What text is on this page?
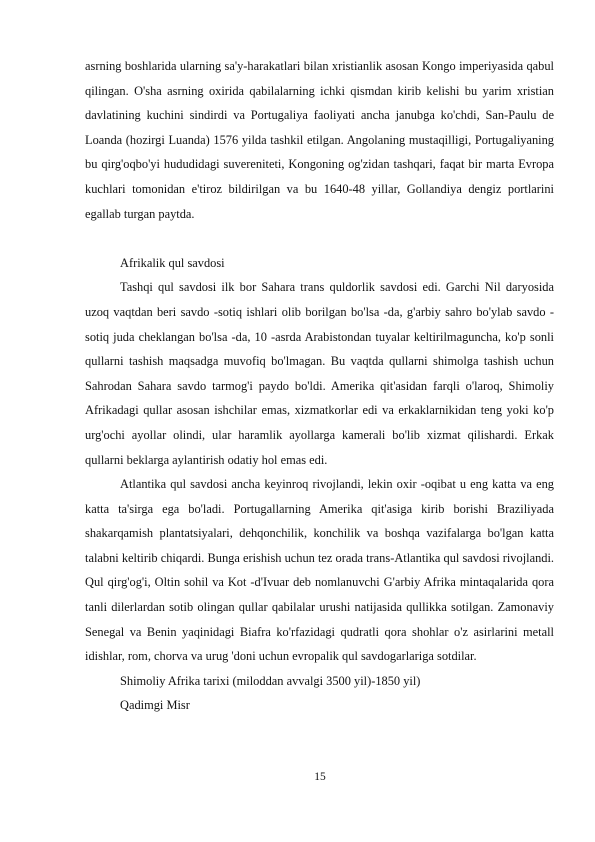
asrning boshlarida ularning sa'y-harakatlari bilan xristianlik asosan Kongo imperiyasida qabul qilingan. O'sha asrning oxirida qabilalarning ichki qismdan kirib kelishi bu yarim xristian davlatining kuchini sindirdi va Portugaliya faoliyati ancha janubga ko'chdi, San-Paulu de Loanda (hozirgi Luanda) 1576 yilda tashkil etilgan. Angolaning mustaqilligi, Portugaliyaning bu qirg'oqbo'yi hududidagi suvereniteti, Kongoning og'zidan tashqari, faqat bir marta Evropa kuchlari tomonidan e'tiroz bildirilgan va bu 1640-48 yillar, Gollandiya dengiz portlarini egallab turgan paytda.

Afrikalik qul savdosi

Tashqi qul savdosi ilk bor Sahara trans quldorlik savdosi edi. Garchi Nil daryosida uzoq vaqtdan beri savdo -sotiq ishlari olib borilgan bo'lsa -da, g'arbiy sahro bo'ylab savdo -sotiq juda cheklangan bo'lsa -da, 10 -asrda Arabistondan tuyalar keltirilmaguncha, ko'p sonli qullarni tashish maqsadga muvofiq bo'lmagan. Bu vaqtda qullarni shimolga tashish uchun Sahrodan Sahara savdo tarmog'i paydo bo'ldi. Amerika qit'asidan farqli o'laroq, Shimoliy Afrikadagi qullar asosan ishchilar emas, xizmatkorlar edi va erkaklarnikidan teng yoki ko'p urg'ochi ayollar olindi, ular haramlik ayollarga kamerali bo'lib xizmat qilishardi. Erkak qullarni beklarga aylantirish odatiy hol emas edi.

Atlantika qul savdosi ancha keyinroq rivojlandi, lekin oxir -oqibat u eng katta va eng katta ta'sirga ega bo'ladi. Portugallarning Amerika qit'asiga kirib borishi Braziliyada shakarqamish plantatsiyalari, dehqonchilik, konchilik va boshqa vazifalarga bo'lgan katta talabni keltirib chiqardi. Bunga erishish uchun tez orada trans-Atlantika qul savdosi rivojlandi. Qul qirg'og'i, Oltin sohil va Kot -d'Ivuar deb nomlanuvchi G'arbiy Afrika mintaqalarida qora tanli dilerlardan sotib olingan qullar qabilalar urushi natijasida qullikka sotilgan. Zamonaviy Senegal va Benin yaqinidagi Biafra ko'rfazidagi qudratli qora shohlar o'z asirlarini metall idishlar, rom, chorva va urug 'doni uchun evropalik qul savdogarlariga sotdilar.

Shimoliy Afrika tarixi (miloddan avvalgi 3500 yil)-1850 yil)

Qadimgi Misr

15
